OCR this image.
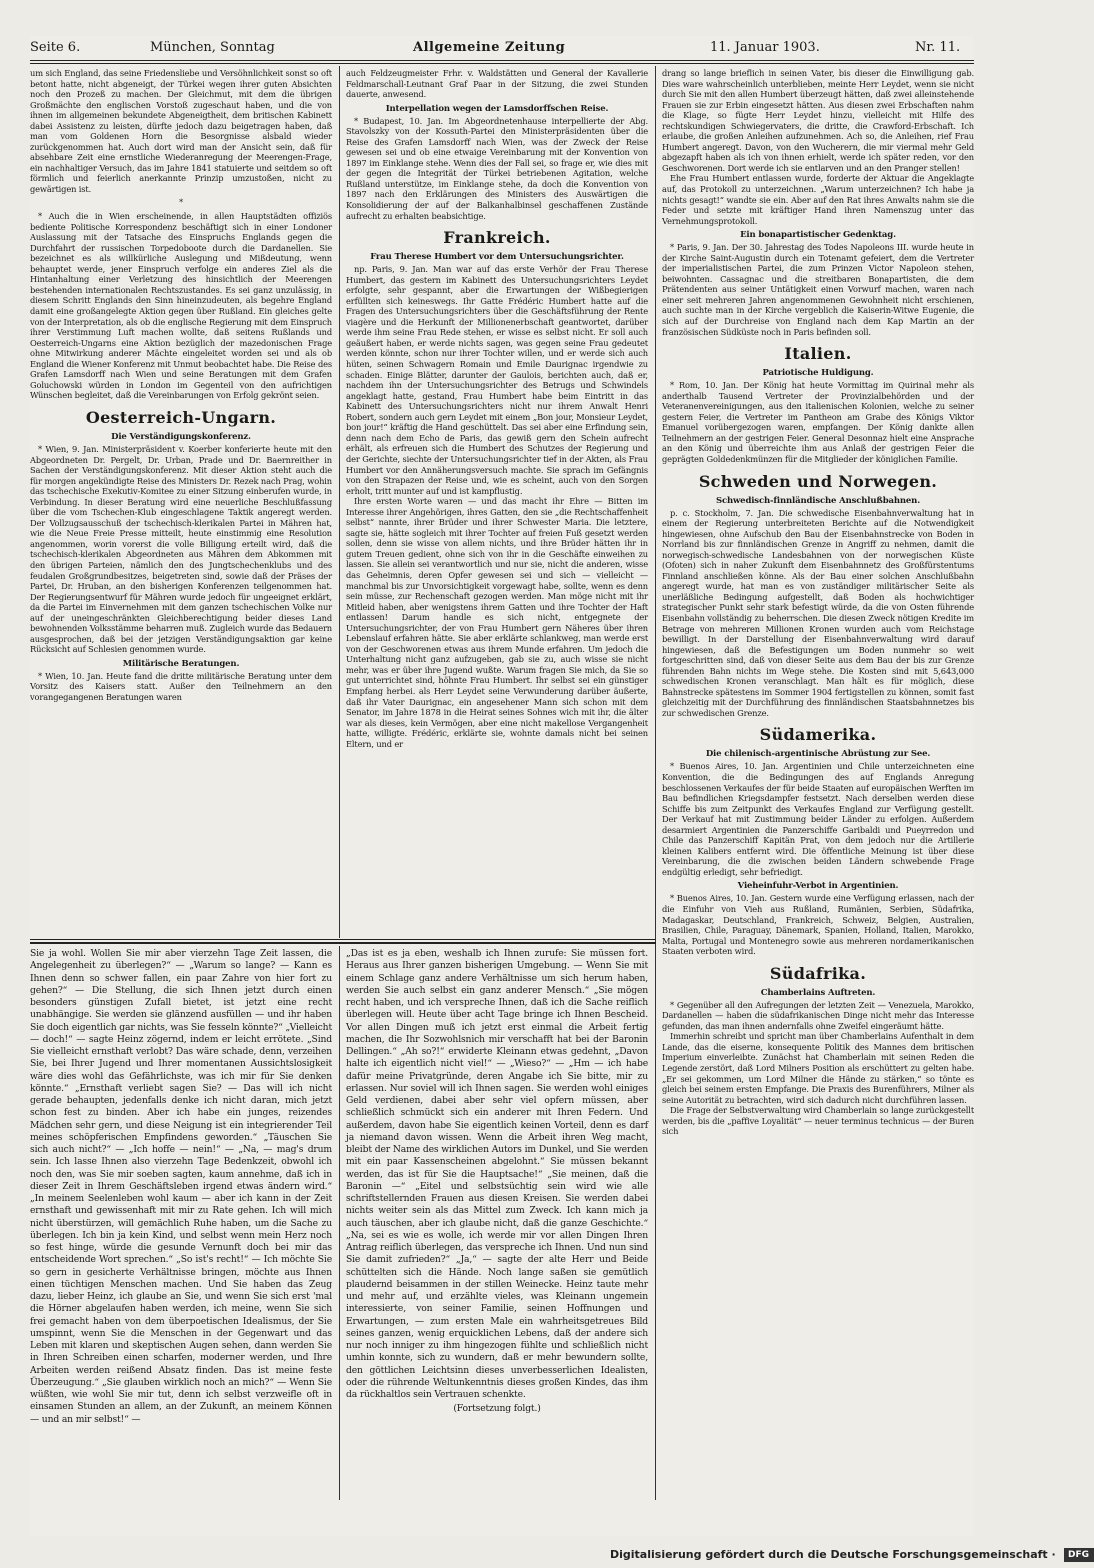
Seite 6.	München, Sonntag	Allgemeine Zeitung	11. Januar 1903.	Nr. 11.

um sich England, das seine Friedensliebe und Versöhnlichkeit sonst so oft betont hatte, nicht abgeneigt, der Türkei wegen ihrer guten Absichten noch den Prozeß zu machen. Der Gleichmut, mit dem die übrigen Großmächte den englischen Vorstoß zugeschaut haben, und die von ihnen im allgemeinen bekundete Abgeneigtheit, dem britischen Kabinett dabei Assistenz zu leisten, dürfte jedoch dazu beigetragen haben, daß man vom Goldenen Horn die Besorgnisse alsbald wieder zurückgenommen hat. Auch dort wird man der Ansicht sein, daß für absehbare Zeit eine ernstliche Wiederanregung der Meerengen-Frage, ein nachhaltiger Versuch, das im Jahre 1841 statuierte und seitdem so oft förmlich und feierlich anerkannte Prinzip umzustoßen, nicht zu gewärtigen ist.

*

* Auch die in Wien erscheinende, in allen Hauptstädten offiziös bediente Politische Korrespondenz beschäftigt sich in einer Londoner Auslassung mit der Tatsache des Einspruchs Englands gegen die Durchfahrt der russischen Torpedoboote durch die Dardanellen. Sie bezeichnet es als willkürliche Auslegung und Mißdeutung, wenn behauptet werde, jener Einspruch verfolge ein anderes Ziel als die Hintanhaltung einer Verletzung des hinsichtlich der Meerengen bestehenden internationalen Rechtszustandes. Es sei ganz unzulässig, in diesem Schritt Englands den Sinn hineinzudeuten, als begehre England damit eine großangelegte Aktion gegen über Rußland. Ein gleiches gelte von der Interpretation, als ob die englische Regierung mit dem Einspruch ihrer Verstimmung Luft machen wollte, daß seitens Rußlands und Oesterreich-Ungarns eine Aktion bezüglich der mazedonischen Frage ohne Mitwirkung anderer Mächte eingeleitet worden sei und als ob England die Wiener Konferenz mit Unmut beobachtet habe. Die Reise des Grafen Lamsdorff nach Wien und seine Beratungen mit dem Grafen Goluchowski würden in London im Gegenteil von den aufrichtigen Wünschen begleitet, daß die Vereinbarungen von Erfolg gekrönt seien.

Oesterreich-Ungarn.
Die Verständigungskonferenz.

* Wien, 9. Jan. Ministerpräsident v. Koerber konferierte heute mit den Abgeordneten Dr. Pergelt, Dr. Urban, Prade und Dr. Baernreither in Sachen der Verständigungskonferenz. Mit dieser Aktion steht auch die für morgen angekündigte Reise des Ministers Dr. Rezek nach Prag, wohin das tschechische Exekutiv-Komitee zu einer Sitzung einberufen wurde, in Verbindung. In dieser Beratung wird eine neuerliche Beschlußfassung über die vom Tschechen-Klub eingeschlagene Taktik angeregt werden. Der Vollzugsausschuß der tschechisch-klerikalen Partei in Mähren hat, wie die Neue Freie Presse mitteilt, heute einstimmig eine Resolution angenommen, worin vorerst die volle Billigung erteilt wird, daß die tschechisch-klerikalen Abgeordneten aus Mähren dem Abkommen mit den übrigen Parteien, nämlich den des Jungtschechenklubs und des feudalen Großgrundbesitzes, beigetreten sind, sowie daß der Präses der Partei, Dr. Hruban, an den bisherigen Konferenzen teilgenommen hat. Der Regierungsentwurf für Mähren wurde jedoch für ungeeignet erklärt, da die Partei im Einvernehmen mit dem ganzen tschechischen Volke nur auf der uneingeschränkten Gleichberechtigung beider dieses Land bewohnenden Volksstämme beharren muß. Zugleich wurde das Bedauern ausgesprochen, daß bei der jetzigen Verständigungsaktion gar keine Rücksicht auf Schlesien genommen wurde.

Militärische Beratungen.

* Wien, 10. Jan. Heute fand die dritte militärische Beratung unter dem Vorsitz des Kaisers statt. Außer den Teilnehmern an den vorangegangenen Beratungen waren

auch Feldzeugmeister Frhr. v. Waldstätten und General der Kavallerie Feldmarschall-Leutnant Graf Paar in der Sitzung, die zwei Stunden dauerte, anwesend.

Interpellation wegen der Lamsdorffschen Reise.

* Budapest, 10. Jan. Im Abgeordnetenhause interpellierte der Abg. Stavolszky von der Kossuth-Partei den Ministerpräsidenten über die Reise des Grafen Lamsdorff nach Wien, was der Zweck der Reise gewesen sei und ob eine etwaige Vereinbarung mit der Konvention von 1897 im Einklange stehe. Wenn dies der Fall sei, so frage er, wie dies mit der gegen die Integrität der Türkei betriebenen Agitation, welche Rußland unterstütze, im Einklange stehe, da doch die Konvention von 1897 nach den Erklärungen des Ministers des Auswärtigen die Konsolidierung der auf der Balkanhalbinsel geschaffenen Zustände aufrecht zu erhalten beabsichtige.

Frankreich.
Frau Therese Humbert vor dem Untersuchungsrichter.

np. Paris, 9. Jan. Man war auf das erste Verhör der Frau Therese Humbert, das gestern im Kabinett des Untersuchungsrichters Leydet erfolgte, sehr gespannt, aber die Erwartungen der Wißbegierigen erfüllten sich keineswegs. Ihr Gatte Frédéric Humbert hatte auf die Fragen des Untersuchungsrichters über die Geschäftsführung der Rente viagère und die Herkunft der Millionenerbschaft geantwortet, darüber werde ihm seine Frau Rede stehen, er wisse es selbst nicht. Er soll auch geäußert haben, er werde nichts sagen, was gegen seine Frau gedeutet werden könnte, schon nur ihrer Tochter willen, und er werde sich auch hüten, seinen Schwagern Romain und Emile Daurignac irgendwie zu schaden. Einige Blätter, darunter der Gaulois, berichten auch, daß er, nachdem ihn der Untersuchungsrichter des Betrugs und Schwindels angeklagt hatte, gestand, Frau Humbert habe beim Eintritt in das Kabinett des Untersuchungsrichters nicht nur ihrem Anwalt Henri Robert, sondern auch gern Leydet mit einem „Bon jour, Monsieur Leydet, bon jour!“ kräftig die Hand geschüttelt. Das sei aber eine Erfindung sein, denn nach dem Echo de Paris, das gewiß gern den Schein aufrecht erhält, als erfreuen sich die Humbert des Schutzes der Regierung und der Gerichte, siechte der Untersuchungsrichter tief in der Akten, als Frau Humbert vor den Annäherungsversuch machte. Sie sprach im Gefängnis von den Strapazen der Reise und, wie es scheint, auch von den Sorgen erholt, tritt munter auf und ist kampflustig.

Ihre ersten Worte waren — und das macht ihr Ehre — Bitten im Interesse ihrer Angehörigen, ihres Gatten, den sie „die Rechtschaffenheit selbst“ nannte, ihrer Brüder und ihrer Schwester Maria. Die letztere, sagte sie, hätte sogleich mit ihrer Tochter auf freien Fuß gesetzt werden sollen, denn sie wisse von allem nichts, und ihre Brüder hätten ihr in gutem Treuen gedient, ohne sich von ihr in die Geschäfte einweihen zu lassen. Sie allein sei verantwortlich und nur sie, nicht die anderen, wisse das Geheimnis, deren Opfer gewesen sei und sich — vielleicht — manchmal bis zur Unvorsichtigkeit vorgewagt habe, sollte, wenn es denn sein müsse, zur Rechenschaft gezogen werden. Man möge nicht mit ihr Mitleid haben, aber wenigstens ihrem Gatten und ihre Tochter der Haft entlassen! Darum handle es sich nicht, entgegnete der Untersuchungsrichter, der von Frau Humbert gern Näheres über ihren Lebenslauf erfahren hätte. Sie aber erklärte schlankweg, man werde erst von der Geschworenen etwas aus ihrem Munde erfahren. Um jedoch die Unterhaltung nicht ganz aufzugeben, gab sie zu, auch wisse sie nicht mehr, was er über ihre Jugend wußte. Warum fragen Sie mich, da Sie so gut unterrichtet sind, höhnte Frau Humbert. Ihr selbst sei ein günstiger Empfang herbei. als Herr Leydet seine Verwunderung darüber äußerte, daß ihr Vater Daurignac, ein angesehener Mann sich schon mit dem Senator, im Jahre 1878 in die Heirat seines Sohnes wich mit ihr, die älter war als dieses, kein Vermögen, aber eine nicht makellose Vergangenheit hatte, willigte. Frédéric, erklärte sie, wohnte damals nicht bei seinen Eltern, und er

drang so lange brieflich in seinen Vater, bis dieser die Einwilligung gab. Dies ware wahrscheinlich unterblieben, meinte Herr Leydet, wenn sie nicht durch Sie mit den allen Humbert überzeugt hätten, daß zwei alleinstehende Frauen sie zur Erbin eingesetzt hätten. Aus diesen zwei Erbschaften nahm die Klage, so fügte Herr Leydet hinzu, vielleicht mit Hilfe des rechtskundigen Schwiegervaters, die dritte, die Crawford-Erbschaft. Ich erlaube, die großen Anleihen aufzunehmen. Ach so, die Anleihen, rief Frau Humbert angeregt. Davon, von den Wucherern, die mir viermal mehr Geld abgezapft haben als ich von ihnen erhielt, werde ich später reden, vor den Geschworenen. Dort werde ich sie entlarven und an den Pranger stellen!

Ehe Frau Humbert entlassen wurde, forderte der Aktuar die Angeklagte auf, das Protokoll zu unterzeichnen. „Warum unterzeichnen? Ich habe ja nichts gesagt!“ wandte sie ein. Aber auf den Rat ihres Anwalts nahm sie die Feder und setzte mit kräftiger Hand ihren Namenszug unter das Vernehmungsprotokoll.

Ein bonapartistischer Gedenktag.

* Paris, 9. Jan. Der 30. Jahrestag des Todes Napoleons III. wurde heute in der Kirche Saint-Augustin durch ein Totenamt gefeiert, dem die Vertreter der imperialistischen Partei, die zum Prinzen Victor Napoleon stehen, beiwohnten. Cassagnac und die streitbaren Bonapartisten, die dem Prätendenten aus seiner Untätigkeit einen Vorwurf machen, waren nach einer seit mehreren Jahren angenommenen Gewohnheit nicht erschienen, auch suchte man in der Kirche vergeblich die Kaiserin-Witwe Eugenie, die sich auf der Durchreise von England nach dem Kap Martin an der französischen Südküste noch in Paris befinden soll.

Italien.
Patriotische Huldigung.

* Rom, 10. Jan. Der König hat heute Vormittag im Quirinal mehr als anderthalb Tausend Vertreter der Provinzialbehörden und der Veteranenvereinigungen, aus den italienischen Kolonien, welche zu seiner gestern Feier, die Vertreter im Pantheon am Grabe des Königs Viktor Emanuel vorübergezogen waren, empfangen. Der König dankte allen Teilnehmern an der gestrigen Feier. General Desonnaz hielt eine Ansprache an den König und überreichte ihm aus Anlaß der gestrigen Feier die geprägten Goldedenkmünzen für die Mitglieder der königlichen Familie.

Schweden und Norwegen.
Schwedisch-finnländische Anschlußbahnen.

p. c. Stockholm, 7. Jan. Die schwedische Eisenbahnverwaltung hat in einem der Regierung unterbreiteten Berichte auf die Notwendigkeit hingewiesen, ohne Aufschub den Bau der Eisenbahnstrecke von Boden in Norrland bis zur finnländischen Grenze in Angriff zu nehmen, damit die norwegisch-schwedische Landesbahnen von der norwegischen Küste (Ofoten) sich in naher Zukunft dem Eisenbahnnetz des Großfürstentums Finnland anschließen könne. Als der Bau einer solchen Anschlußbahn angeregt wurde, hat man es von zuständiger militärischer Seite als unerläßliche Bedingung aufgestellt, daß Boden als hochwichtiger strategischer Punkt sehr stark befestigt würde, da die von Osten führende Eisenbahn vollständig zu beherrschen. Die diesen Zweck nötigen Kredite im Betrage von mehreren Millionen Kronen wurden auch vom Reichstage bewilligt. In der Darstellung der Eisenbahnverwaltung wird darauf hingewiesen, daß die Befestigungen um Boden nunmehr so weit fortgeschritten sind, daß von dieser Seite aus dem Bau der bis zur Grenze führenden Bahn nichts im Wege stehe. Die Kosten sind mit 5,643,000 schwedischen Kronen veranschlagt. Man hält es für möglich, diese Bahnstrecke spätestens im Sommer 1904 fertigstellen zu können, somit fast gleichzeitig mit der Durchführung des finnländischen Staatsbahnnetzes bis zur schwedischen Grenze.

Südamerika.
Die chilenisch-argentinische Abrüstung zur See.

* Buenos Aires, 10. Jan. Argentinien und Chile unterzeichneten eine Konvention, die die Bedingungen des auf Englands Anregung beschlossenen Verkaufes der für beide Staaten auf europäischen Werften im Bau befindlichen Kriegsdampfer festsetzt. Nach derselben werden diese Schiffe bis zum Zeitpunkt des Verkaufes England zur Verfügung gestellt. Der Verkauf hat mit Zustimmung beider Länder zu erfolgen. Außerdem desarmiert Argentinien die Panzerschiffe Garibaldi und Pueyrredon und Chile das Panzerschiff Kapitän Prat, von dem jedoch nur die Artillerie kleinen Kalibers entfernt wird. Die öffentliche Meinung ist über diese Vereinbarung, die die zwischen beiden Ländern schwebende Frage endgültig erledigt, sehr befriedigt.

Vieheinfuhr-Verbot in Argentinien.

* Buenos Aires, 10. Jan. Gestern wurde eine Verfügung erlassen, nach der die Einfuhr von Vieh aus Rußland, Rumänien, Serbien, Südafrika, Madagaskar, Deutschland, Frankreich, Schweiz, Belgien, Australien, Brasilien, Chile, Paraguay, Dänemark, Spanien, Holland, Italien, Marokko, Malta, Portugal und Montenegro sowie aus mehreren nordamerikanischen Staaten verboten wird.

Südafrika.
Chamberlains Auftreten.

* Gegenüber all den Aufregungen der letzten Zeit — Venezuela, Marokko, Dardanellen — haben die südafrikanischen Dinge nicht mehr das Interesse gefunden, das man ihnen andernfalls ohne Zweifel eingeräumt hätte.

Immerhin schreibt und spricht man über Chamberlains Aufenthalt in dem Lande, das die eiserne, konsequente Politik des Mannes dem britischen Imperium einverleibte. Zunächst hat Chamberlain mit seinen Reden die Legende zerstört, daß Lord Milners Position als erschüttert zu gelten habe. „Er sei gekommen, um Lord Milner die Hände zu stärken,“ so tönte es gleich bei seinem ersten Empfange. Die Praxis des Burenführers, Milner als seine Autorität zu betrachten, wird sich dadurch nicht durchführen lassen.

Die Frage der Selbstverwaltung wird Chamberlain so lange zurückgestellt werden, bis die „paffive Loyalität“ — neuer terminus technicus — der Buren sich

Sie ja wohl. Wollen Sie mir aber vierzehn Tage Zeit lassen, die Angelegenheit zu überlegen?“ — „Warum so lange? — Kann es Ihnen denn so schwer fallen, ein paar Zahre von hier fort zu gehen?“ — Die Stellung, die sich Ihnen jetzt durch einen besonders günstigen Zufall bietet, ist jetzt eine recht unabhängige. Sie werden sie glänzend ausfüllen — und ihr haben Sie doch eigentlich gar nichts, was Sie fesseln könnte?“ „Vielleicht — doch!“ — sagte Heinz zögernd, indem er leicht errötete. „Sind Sie vielleicht ernsthaft verlobt? Das wäre schade, denn, verzeihen Sie, bei Ihrer Jugend und Ihrer momentanen Aussichtslosigkeit wäre dies wohl das Gefährlichste, was ich mir für Sie denken könnte.“ „Ernsthaft verliebt sagen Sie? — Das will ich nicht gerade behaupten, jedenfalls denke ich nicht daran, mich jetzt schon fest zu binden. Aber ich habe ein junges, reizendes Mädchen sehr gern, und diese Neigung ist ein integrierender Teil meines schöpferischen Empfindens geworden.“ „Täuschen Sie sich auch nicht?“ — „Ich hoffe — nein!“ — „Na, — mag's drum sein. Ich lasse Ihnen also vierzehn Tage Bedenkzeit, obwohl ich noch den, was Sie mir soeben sagten, kaum annehme, daß ich in dieser Zeit in Ihrem Geschäftsleben irgend etwas ändern wird.“ „In meinem Seelenleben wohl kaum — aber ich kann in der Zeit ernsthaft und gewissenhaft mit mir zu Rate gehen. Ich will mich nicht überstürzen, will gemächlich Ruhe haben, um die Sache zu überlegen. Ich bin ja kein Kind, und selbst wenn mein Herz noch so fest hinge, würde die gesunde Vernunft doch bei mir das entscheidende Wort sprechen.“ „So ist's recht!“ — Ich möchte Sie so gern in gesicherte Verhältnisse bringen, möchte aus Ihnen einen tüchtigen Menschen machen. Und Sie haben das Zeug dazu, lieber Heinz, ich glaube an Sie, und wenn Sie sich erst 'mal die Hörner abgelaufen haben werden, ich meine, wenn Sie sich frei gemacht haben von dem überpoetischen Idealismus, der Sie umspinnt, wenn Sie die Menschen in der Gegenwart und das Leben mit klaren und skeptischen Augen sehen, dann werden Sie in Ihren Schreiben einen scharfen, moderner werden, und Ihre Arbeiten werden reißend Absatz finden. Das ist meine feste Überzeugung.“ „Sie glauben wirklich noch an mich?“ — Wenn Sie wüßten, wie wohl Sie mir tut, denn ich selbst verzweifle oft in einsamen Stunden an allem, an der Zukunft, an meinem Können — und an mir selbst!“ —

„Das ist es ja eben, weshalb ich Ihnen zurufe: Sie müssen fort. Heraus aus Ihrer ganzen bisherigen Umgebung. — Wenn Sie mit einem Schlage ganz andere Verhältnisse um sich herum haben, werden Sie auch selbst ein ganz anderer Mensch.“ „Sie mögen recht haben, und ich verspreche Ihnen, daß ich die Sache reiflich überlegen will. Heute über acht Tage bringe ich Ihnen Bescheid. Vor allen Dingen muß ich jetzt erst einmal die Arbeit fertig machen, die Ihr Sozwohlsnich mir verschafft hat bei der Baronin Dellingen.“ „Ah so?!“ erwiderte Kleinann etwas gedehnt, „Davon halte ich eigentlich nicht viel!“ — „Wieso?“ — „Hm — ich habe dafür meine Privatgründe, deren Angabe ich Sie bitte, mir zu erlassen. Nur soviel will ich Ihnen sagen. Sie werden wohl einiges Geld verdienen, dabei aber sehr viel opfern müssen, aber schließlich schmückt sich ein anderer mit Ihren Federn. Und außerdem, davon habe Sie eigentlich keinen Vorteil, denn es darf ja niemand davon wissen. Wenn die Arbeit ihren Weg macht, bleibt der Name des wirklichen Autors im Dunkel, und Sie werden mit ein paar Kassenscheinen abgelohnt.“ Sie müssen bekannt werden, das ist für Sie die Hauptsache!“ „Sie meinen, daß die Baronin —“ „Eitel und selbstsüchtig sein wird wie alle schriftstellernden Frauen aus diesen Kreisen. Sie werden dabei nichts weiter sein als das Mittel zum Zweck. Ich kann mich ja auch täuschen, aber ich glaube nicht, daß die ganze Geschichte.“ „Na, sei es wie es wolle, ich werde mir vor allen Dingen Ihren Antrag reiflich überlegen, das verspreche ich Ihnen. Und nun sind Sie damit zufrieden?“ „Ja,“ — sagte der alte Herr und Beide schüttelten sich die Hände. Noch lange saßen sie gemütlich plaudernd beisammen in der stillen Weinecke. Heinz taute mehr und mehr auf, und erzählte vieles, was Kleinann ungemein interessierte, von seiner Familie, seinen Hoffnungen und Erwartungen, — zum ersten Male ein wahrheitsgetreues Bild seines ganzen, wenig erquicklichen Lebens, daß der andere sich nur noch inniger zu ihm hingezogen fühlte und schließlich nicht umhin konnte, sich zu wundern, daß er mehr bewundern sollte, den göttlichen Leichtsinn dieses unverbesserlichen Idealisten, oder die rührende Weltunkenntnis dieses großen Kindes, das ihm da rückhaltlos sein Vertrauen schenkte.

(Fortsetzung folgt.)

Digitalisierung gefördert durch die Deutsche Forschungsgemeinschaft · DFG
